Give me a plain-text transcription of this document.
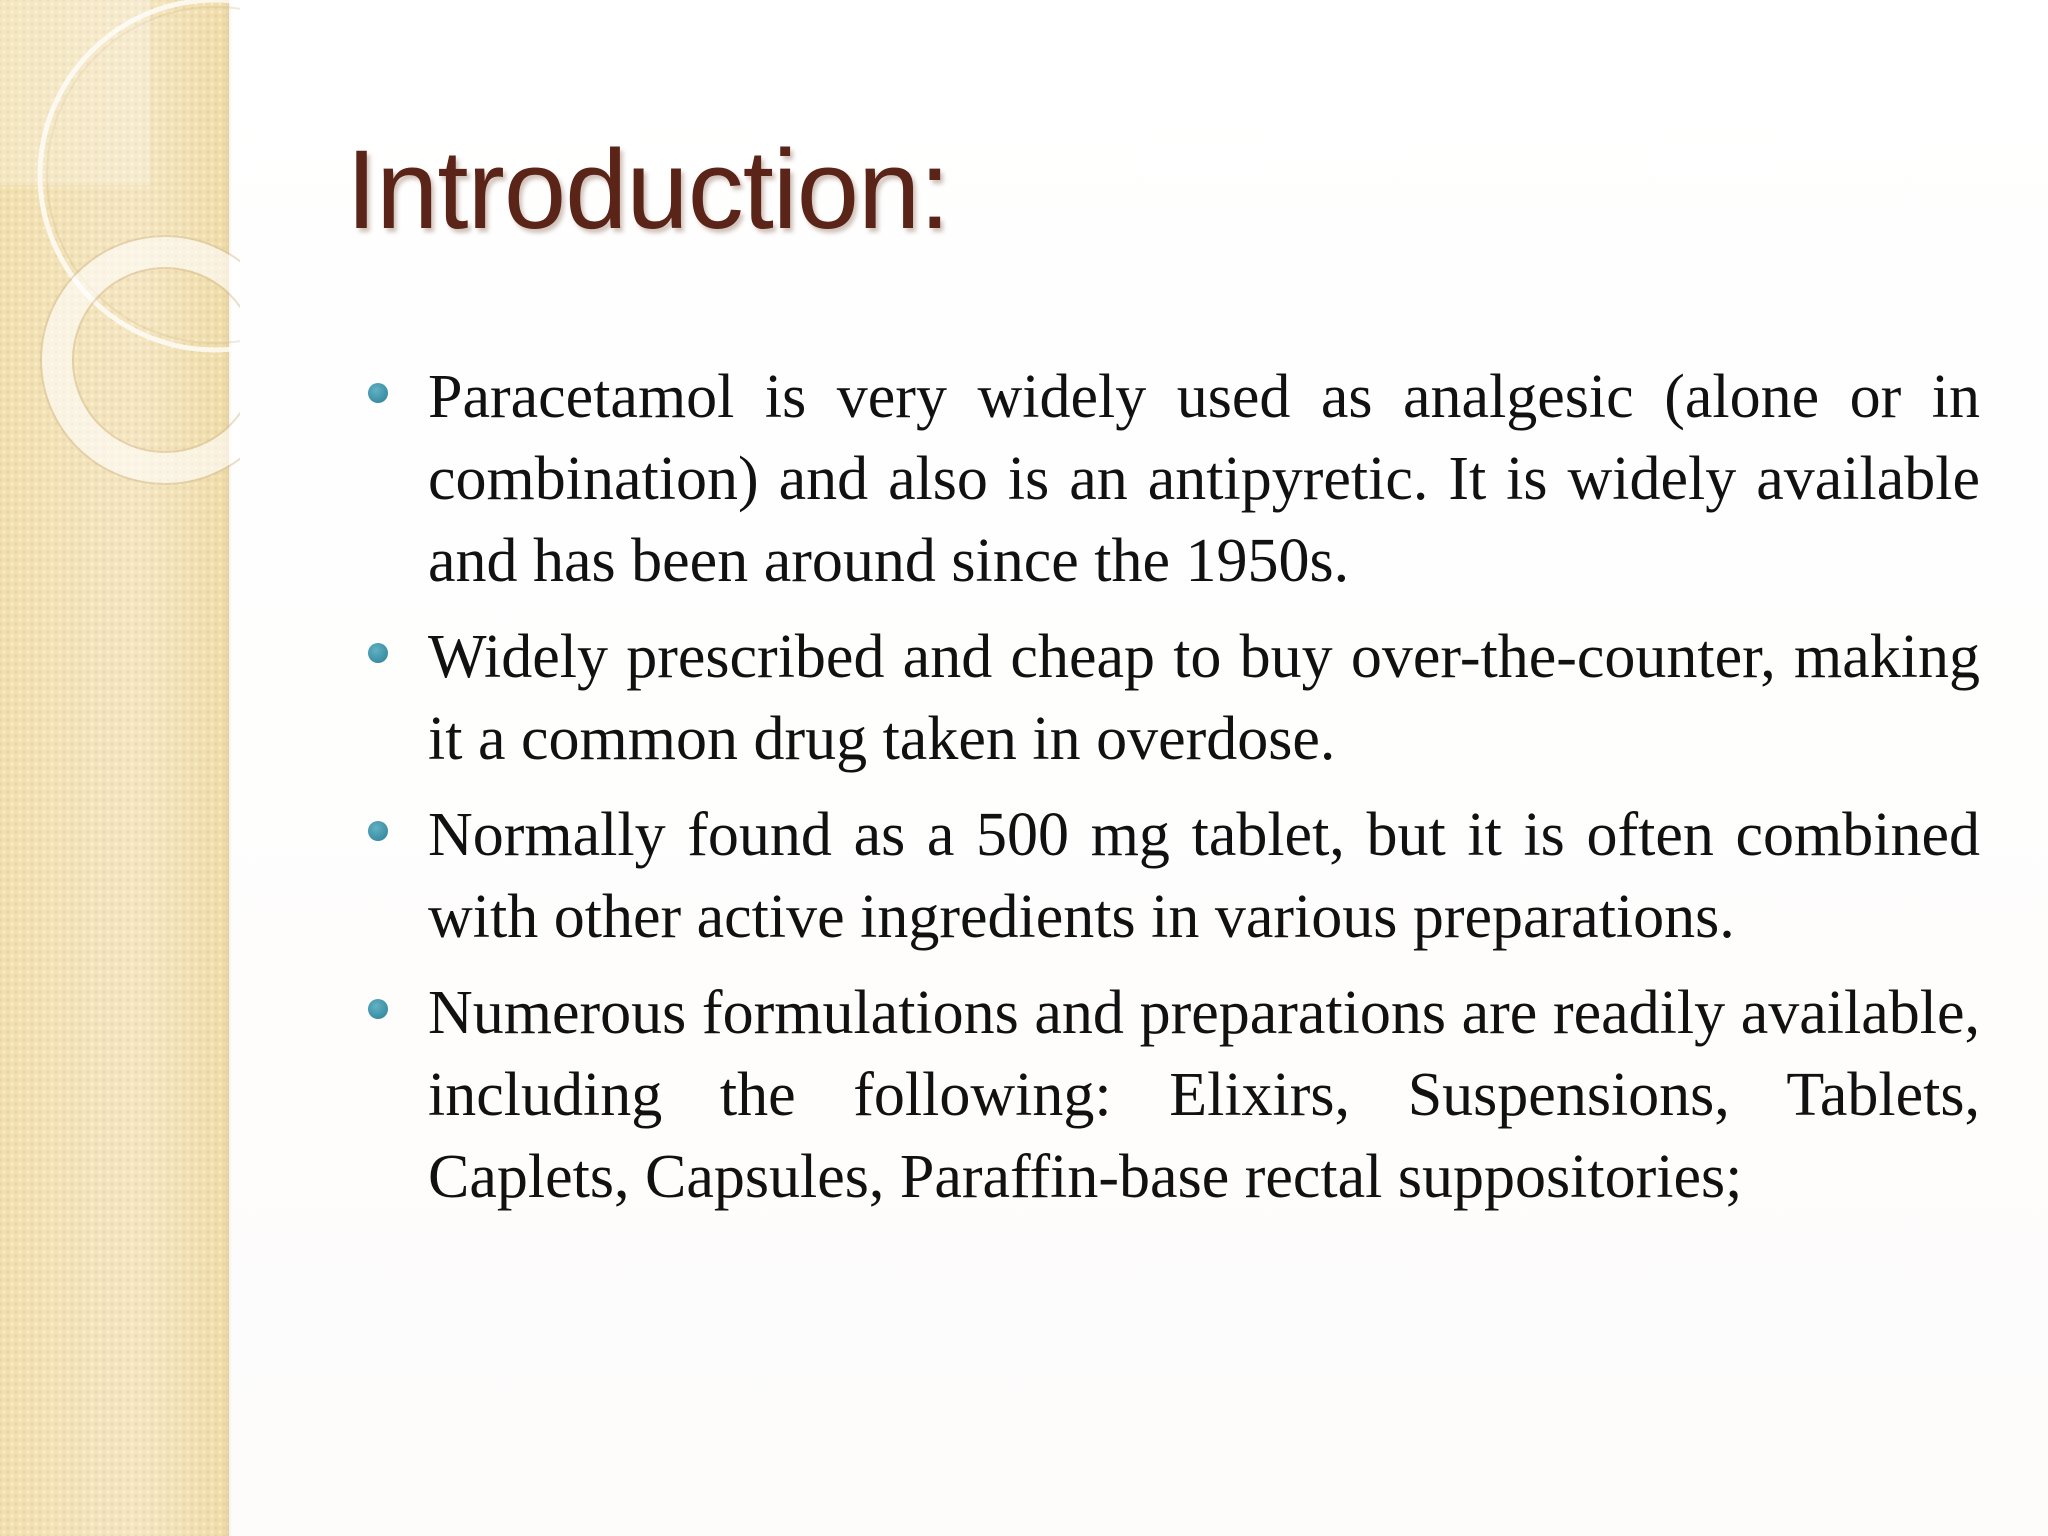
Introduction:
Paracetamol is very widely used as analgesic (alone or in combination) and also is an antipyretic. It is widely available and has been around since the 1950s.
Widely prescribed and cheap to buy over-the-counter, making it a common drug taken in overdose.
Normally found as a 500 mg tablet, but it is often combined with other active ingredients in various preparations.
Numerous formulations and preparations are readily available, including the following: Elixirs, Suspensions, Tablets, Caplets, Capsules, Paraffin-base rectal suppositories;
